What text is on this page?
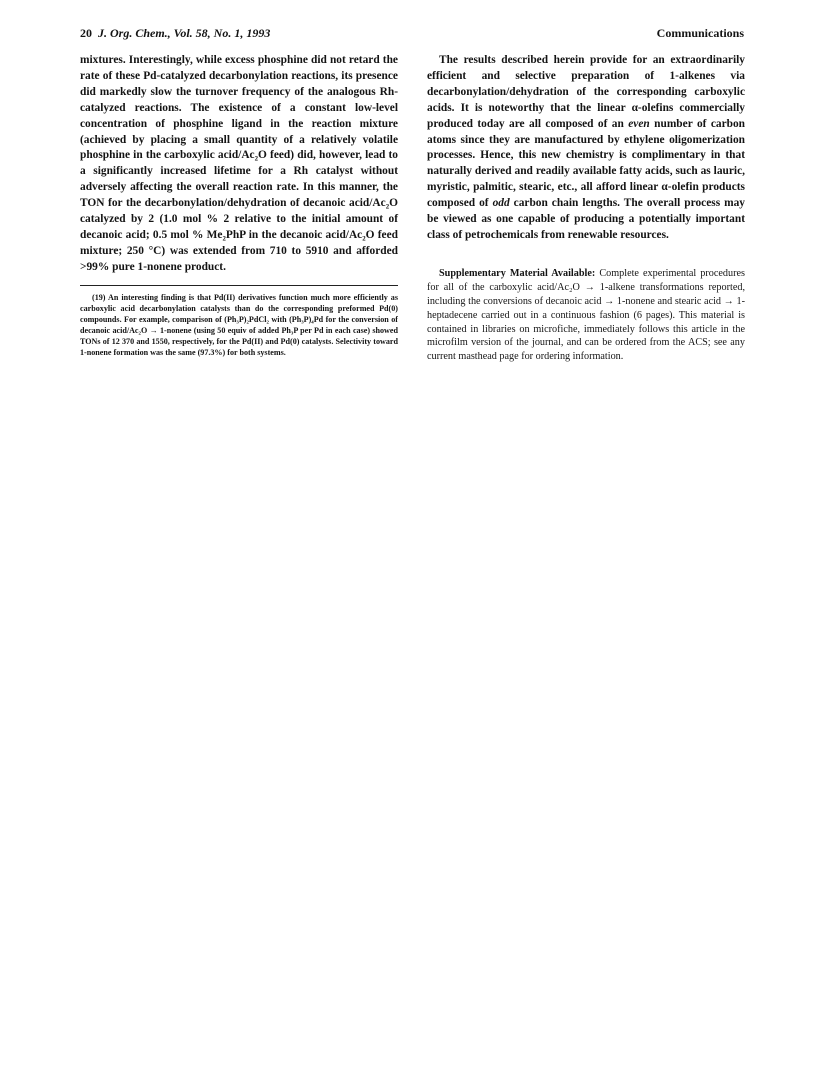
20 J. Org. Chem., Vol. 58, No. 1, 1993	Communications

mixtures. Interestingly, while excess phosphine did not retard the rate of these Pd-catalyzed decarbonylation reactions, its presence did markedly slow the turnover frequency of the analogous Rh-catalyzed reactions. The existence of a constant low-level concentration of phosphine ligand in the reaction mixture (achieved by placing a small quantity of a relatively volatile phosphine in the carboxylic acid/Ac₂O feed) did, however, lead to a significantly increased lifetime for a Rh catalyst without adversely affecting the overall reaction rate. In this manner, the TON for the decarbonylation/dehydration of decanoic acid/Ac₂O catalyzed by 2 (1.0 mol % 2 relative to the initial amount of decanoic acid; 0.5 mol % Me₂PhP in the decanoic acid/Ac₂O feed mixture; 250 °C) was extended from 710 to 5910 and afforded >99% pure 1-nonene product.

(19) An interesting finding is that Pd(II) derivatives function much more efficiently as carboxylic acid decarbonylation catalysts than do the corresponding preformed Pd(0) compounds. For example, comparison of (Ph₃P)₂PdCl₂ with (Ph₃P)₄Pd for the conversion of decanoic acid/Ac₂O → 1-nonene (using 50 equiv of added Ph₃P per Pd in each case) showed TONs of 12 370 and 1550, respectively, for the Pd(II) and Pd(0) catalysts. Selectivity toward 1-nonene formation was the same (97.3%) for both systems.

The results described herein provide for an extraordinarily efficient and selective preparation of 1-alkenes via decarbonylation/dehydration of the corresponding carboxylic acids. It is noteworthy that the linear α-olefins commercially produced today are all composed of an even number of carbon atoms since they are manufactured by ethylene oligomerization processes. Hence, this new chemistry is complimentary in that naturally derived and readily available fatty acids, such as lauric, myristic, palmitic, stearic, etc., all afford linear α-olefin products composed of odd carbon chain lengths. The overall process may be viewed as one capable of producing a potentially important class of petrochemicals from renewable resources.

Supplementary Material Available: Complete experimental procedures for all of the carboxylic acid/Ac₂O → 1-alkene transformations reported, including the conversions of decanoic acid → 1-nonene and stearic acid → 1-heptadecene carried out in a continuous fashion (6 pages). This material is contained in libraries on microfiche, immediately follows this article in the microfilm version of the journal, and can be ordered from the ACS; see any current masthead page for ordering information.
